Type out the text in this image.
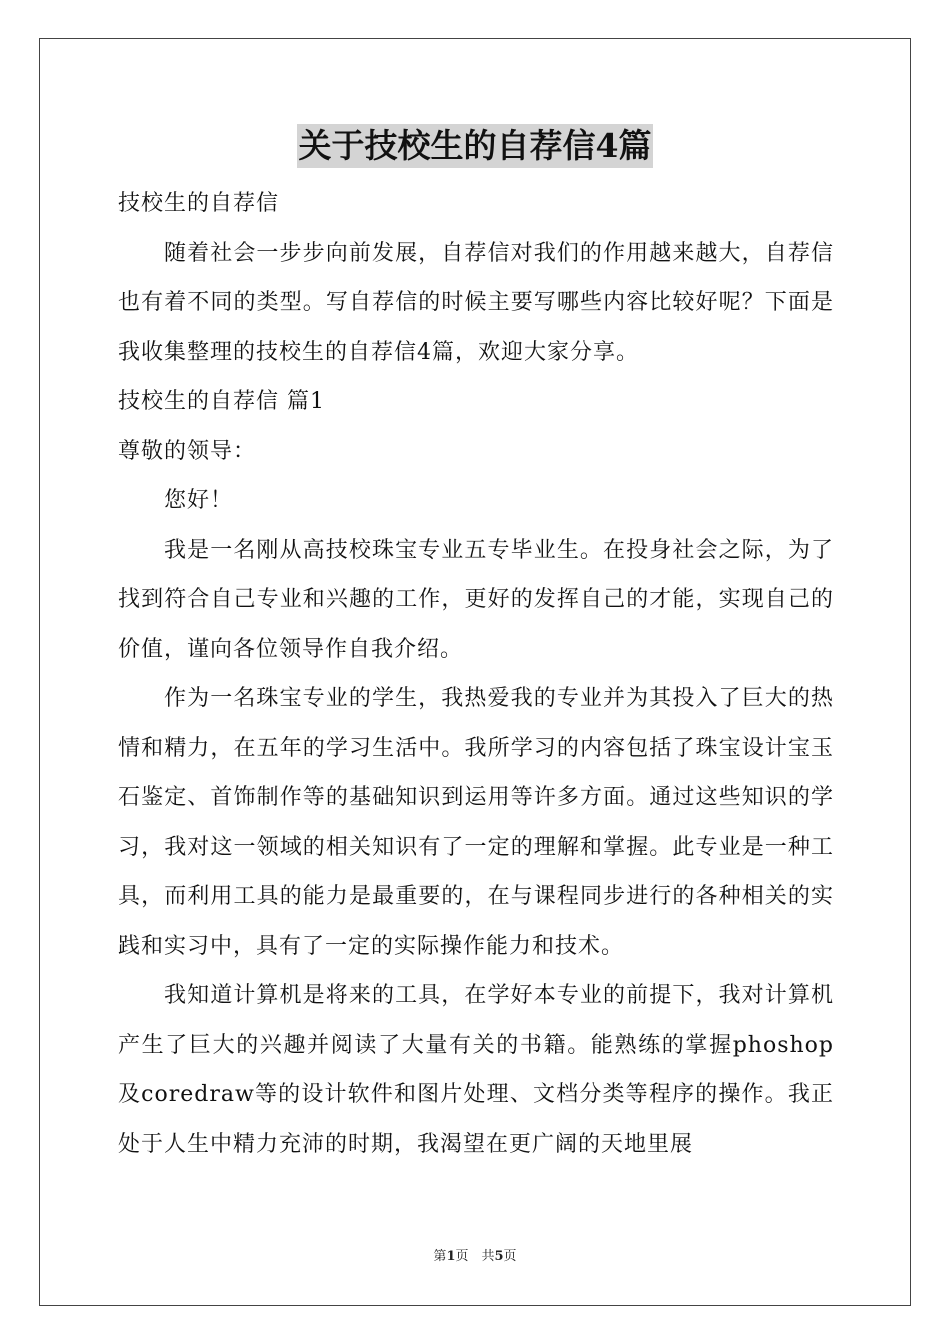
关于技校生的自荐信4篇

技校生的自荐信

随着社会一步步向前发展，自荐信对我们的作用越来越大，自荐信也有着不同的类型。写自荐信的时候主要写哪些内容比较好呢？下面是我收集整理的技校生的自荐信4篇，欢迎大家分享。

技校生的自荐信 篇1

尊敬的领导：

您好！

我是一名刚从高技校珠宝专业五专毕业生。在投身社会之际，为了找到符合自己专业和兴趣的工作，更好的发挥自己的才能，实现自己的价值，谨向各位领导作自我介绍。

作为一名珠宝专业的学生，我热爱我的专业并为其投入了巨大的热情和精力，在五年的学习生活中。我所学习的内容包括了珠宝设计宝玉石鉴定、首饰制作等的基础知识到运用等许多方面。通过这些知识的学习，我对这一领域的相关知识有了一定的理解和掌握。此专业是一种工具，而利用工具的能力是最重要的，在与课程同步进行的各种相关的实践和实习中，具有了一定的实际操作能力和技术。

我知道计算机是将来的工具，在学好本专业的前提下，我对计算机产生了巨大的兴趣并阅读了大量有关的书籍。能熟练的掌握phoshop及coredraw等的设计软件和图片处理、文档分类等程序的操作。我正处于人生中精力充沛的时期，我渴望在更广阔的天地里展

第1页　共5页
